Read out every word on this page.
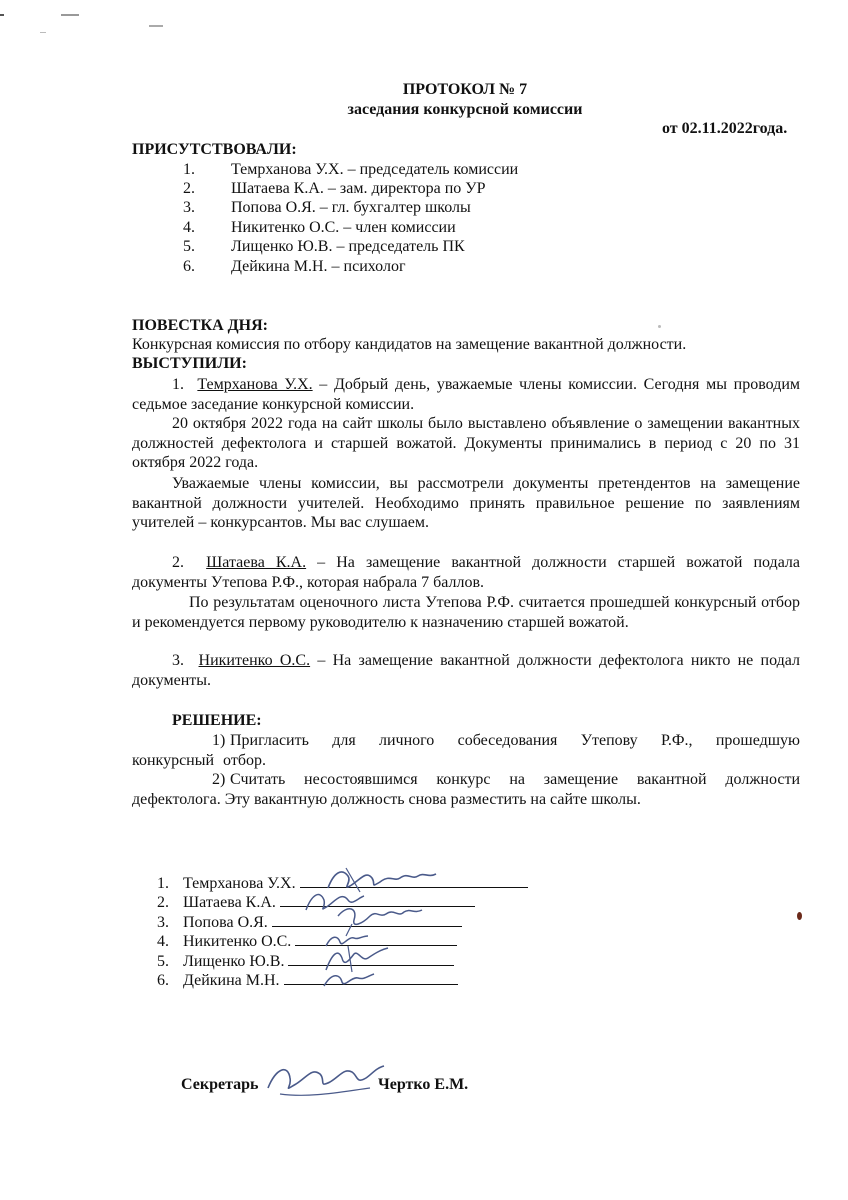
ПРОТОКОЛ № 7
заседания конкурсной комиссии
от 02.11.2022года.
ПРИСУТСТВОВАЛИ:
1. Темрханова У.Х. – председатель комиссии
2. Шатаева К.А. – зам. директора по УР
3. Попова О.Я. – гл. бухгалтер школы
4. Никитенко О.С. – член комиссии
5. Лищенко Ю.В. – председатель ПК
6. Дейкина М.Н. – психолог
ПОВЕСТКА ДНЯ:
Конкурсная комиссия по отбору кандидатов на замещение вакантной должности.
ВЫСТУПИЛИ:
1. Темрханова У.Х. – Добрый день, уважаемые члены комиссии. Сегодня мы проводим седьмое заседание конкурсной комиссии.
20 октября 2022 года на сайт школы было выставлено объявление о замещении вакантных должностей дефектолога и старшей вожатой. Документы принимались в период с 20 по 31 октября 2022 года.
Уважаемые члены комиссии, вы рассмотрели документы претендентов на замещение вакантной должности учителей. Необходимо принять правильное решение по заявлениям учителей – конкурсантов. Мы вас слушаем.
2. Шатаева К.А. – На замещение вакантной должности старшей вожатой подала документы Утепова Р.Ф., которая набрала 7 баллов.
По результатам оценочного листа Утепова Р.Ф. считается прошедшей конкурсный отбор и рекомендуется первому руководителю к назначению старшей вожатой.
3. Никитенко О.С. – На замещение вакантной должности дефектолога никто не подал документы.
РЕШЕНИЕ:
1) Пригласить для личного собеседования Утепову Р.Ф., прошедшую конкурсный отбор.
2) Считать несостоявшимся конкурс на замещение вакантной должности дефектолога. Эту вакантную должность снова разместить на сайте школы.
1. Темрханова У.Х.
2. Шатаева К.А.
3. Попова О.Я.
4. Никитенко О.С.
5. Лищенко Ю.В.
6. Дейкина М.Н.
Секретарь	Чертко Е.М.
